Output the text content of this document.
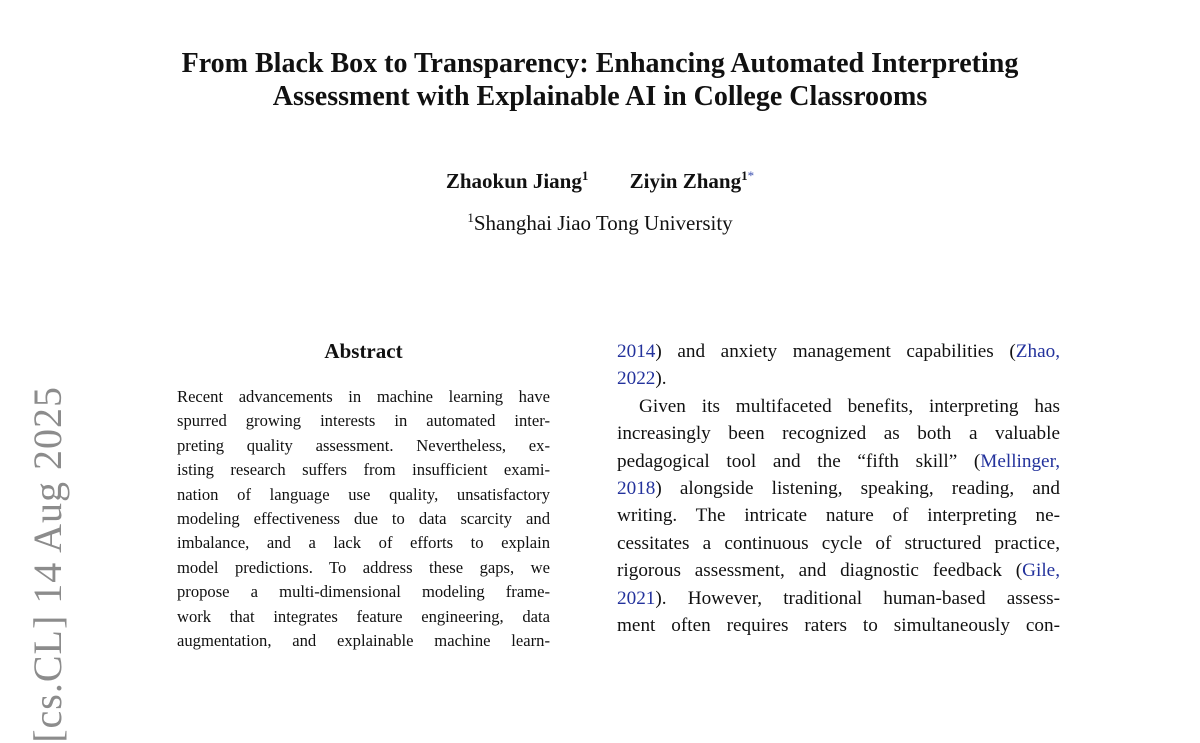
From Black Box to Transparency: Enhancing Automated Interpreting
Assessment with Explainable AI in College Classrooms
Zhaokun Jiang$^1$ Ziyin Zhang$^{1*}$
$^1$Shanghai Jiao Tong University
[cs.CL] 14 Aug 2025
Abstract
Recent advancements in machine learning have
spurred growing interests in automated inter-
preting quality assessment. Nevertheless, ex-
isting research suffers from insufficient exami-
nation of language use quality, unsatisfactory
modeling effectiveness due to data scarcity and
imbalance, and a lack of efforts to explain
model predictions. To address these gaps, we
propose a multi-dimensional modeling frame-
work that integrates feature engineering, data
augmentation, and explainable machine learn-
2014) and anxiety management capabilities (Zhao,
2022).
Given its multifaceted benefits, interpreting has
increasingly been recognized as both a valuable
pedagogical tool and the “fifth skill” (Mellinger,
2018) alongside listening, speaking, reading, and
writing. The intricate nature of interpreting ne-
cessitates a continuous cycle of structured practice,
rigorous assessment, and diagnostic feedback (Gile,
2021). However, traditional human-based assess-
ment often requires raters to simultaneously con-
